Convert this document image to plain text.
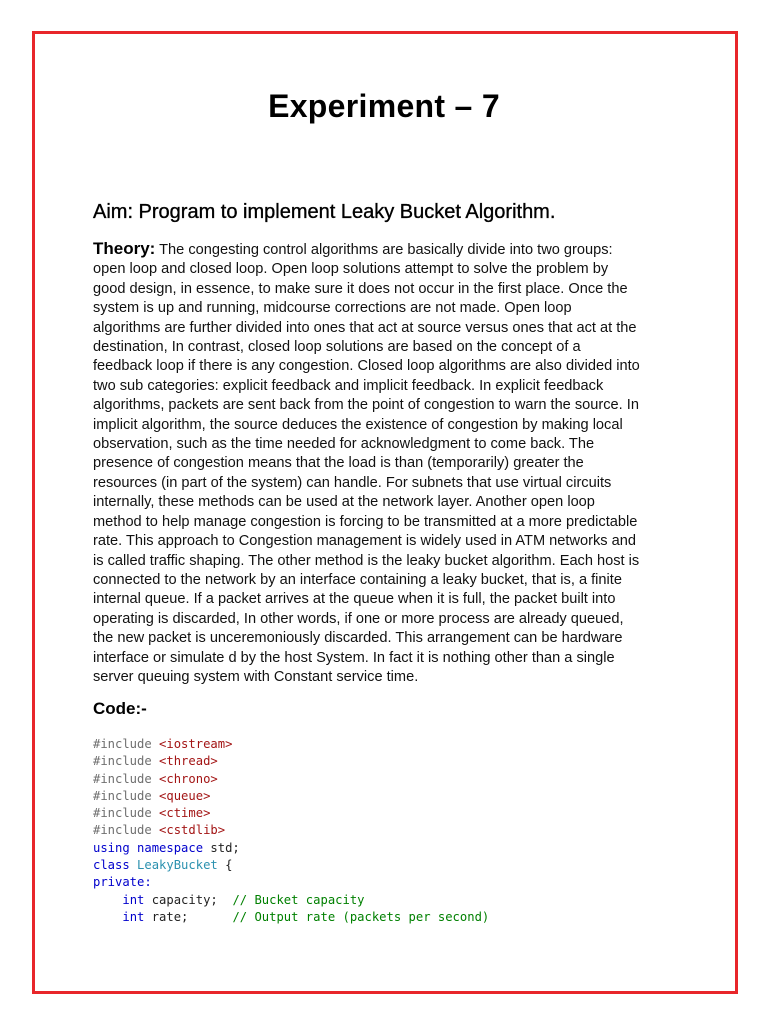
Experiment – 7
Aim: Program to implement Leaky Bucket Algorithm.
Theory: The congesting control algorithms are basically divide into two groups:
open loop and closed loop. Open loop solutions attempt to solve the problem by
good design, in essence, to make sure it does not occur in the first place. Once the
system is up and running, midcourse corrections are not made. Open loop
algorithms are further divided into ones that act at source versus ones that act at the
destination, In contrast, closed loop solutions are based on the concept of a
feedback loop if there is any congestion. Closed loop algorithms are also divided into
two sub categories: explicit feedback and implicit feedback. In explicit feedback
algorithms, packets are sent back from the point of congestion to warn the source. In
implicit algorithm, the source deduces the existence of congestion by making local
observation, such as the time needed for acknowledgment to come back. The
presence of congestion means that the load is than (temporarily) greater the
resources (in part of the system) can handle. For subnets that use virtual circuits
internally, these methods can be used at the network layer. Another open loop
method to help manage congestion is forcing to be transmitted at a more predictable
rate. This approach to Congestion management is widely used in ATM networks and
is called traffic shaping. The other method is the leaky bucket algorithm. Each host is
connected to the network by an interface containing a leaky bucket, that is, a finite
internal queue. If a packet arrives at the queue when it is full, the packet built into
operating is discarded, In other words, if one or more process are already queued,
the new packet is unceremoniously discarded. This arrangement can be hardware
interface or simulate d by the host System. In fact it is nothing other than a single
server queuing system with Constant service time.
Code:-
#include <iostream>
#include <thread>
#include <chrono>
#include <queue>
#include <ctime>
#include <cstdlib>
using namespace std;
class LeakyBucket {
private:
int capacity;  // Bucket capacity
int rate;      // Output rate (packets per second)
